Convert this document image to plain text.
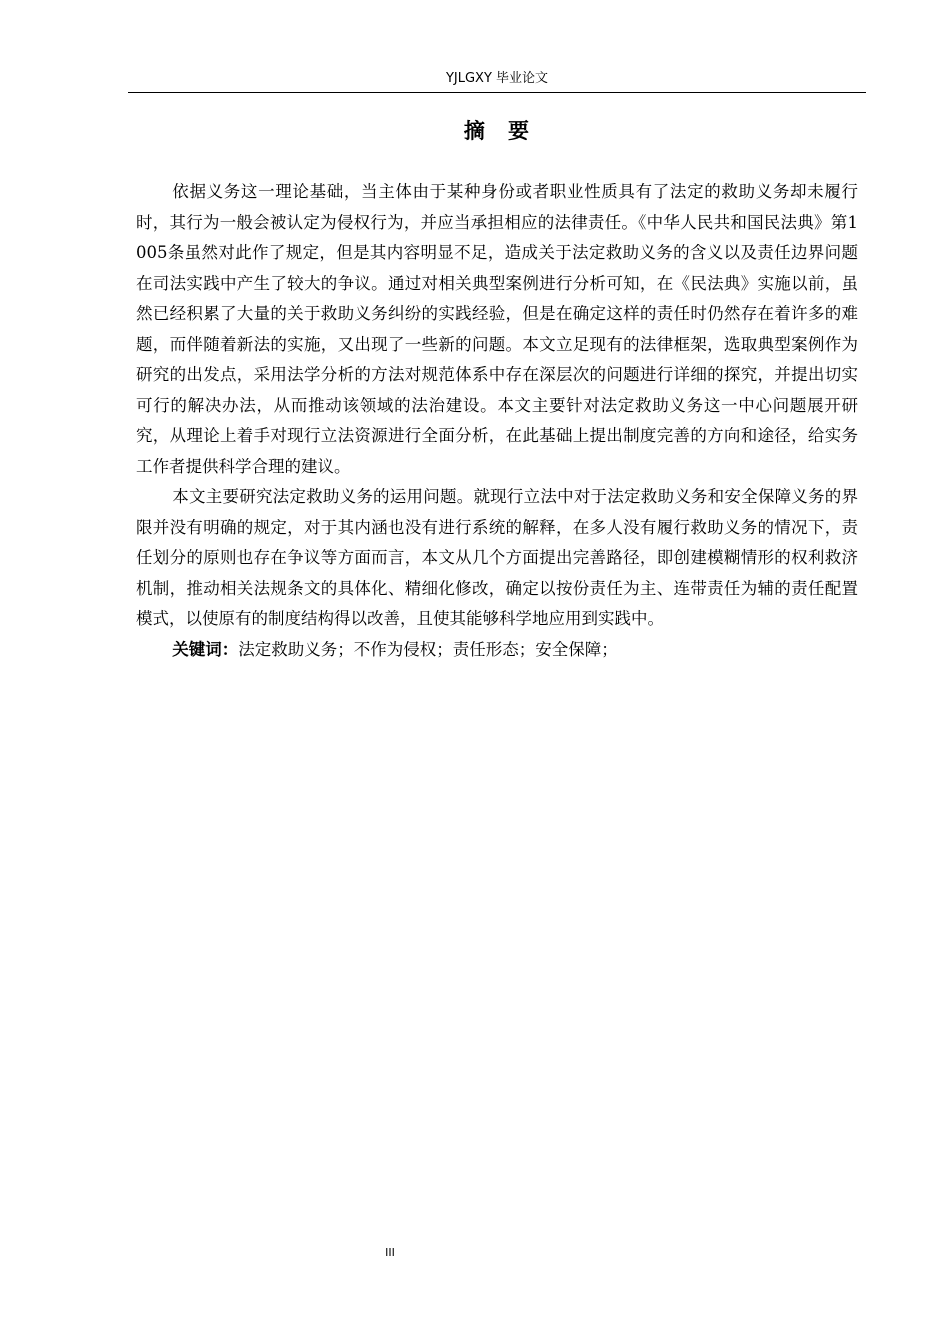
YJLGXY 毕业论文
摘　要

依据义务这一理论基础，当主体由于某种身份或者职业性质具有了法定的救助义务却未履行时，其行为一般会被认定为侵权行为，并应当承担相应的法律责任。《中华人民共和国民法典》第1005条虽然对此作了规定，但是其内容明显不足，造成关于法定救助义务的含义以及责任边界问题在司法实践中产生了较大的争议。通过对相关典型案例进行分析可知，在《民法典》实施以前，虽然已经积累了大量的关于救助义务纠纷的实践经验，但是在确定这样的责任时仍然存在着许多的难题，而伴随着新法的实施，又出现了一些新的问题。本文立足现有的法律框架，选取典型案例作为研究的出发点，采用法学分析的方法对规范体系中存在深层次的问题进行详细的探究，并提出切实可行的解决办法，从而推动该领域的法治建设。本文主要针对法定救助义务这一中心问题展开研究，从理论上着手对现行立法资源进行全面分析，在此基础上提出制度完善的方向和途径，给实务工作者提供科学合理的建议。

本文主要研究法定救助义务的运用问题。就现行立法中对于法定救助义务和安全保障义务的界限并没有明确的规定，对于其内涵也没有进行系统的解释，在多人没有履行救助义务的情况下，责任划分的原则也存在争议等方面而言，本文从几个方面提出完善路径，即创建模糊情形的权利救济机制，推动相关法规条文的具体化、精细化修改，确定以按份责任为主、连带责任为辅的责任配置模式，以使原有的制度结构得以改善，且使其能够科学地应用到实践中。

关键词：法定救助义务；不作为侵权；责任形态；安全保障；

III
